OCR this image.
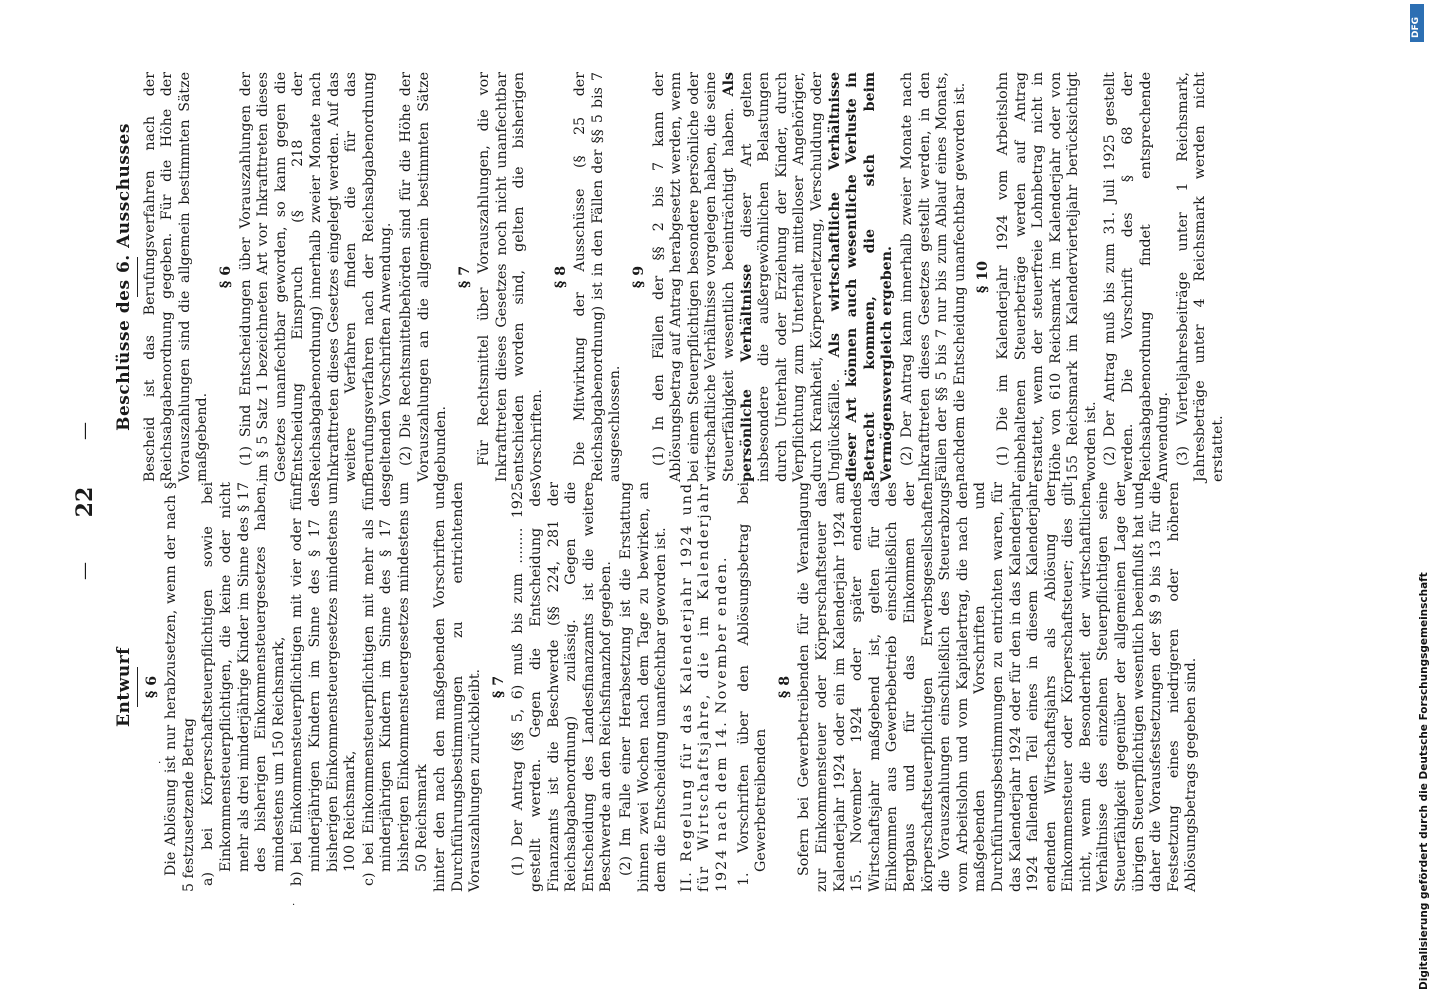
—
22
—
Entwurf § 6 Die Ablösung ist nur herabzusetzen, wenn der nach § 5 festzusetzende Betrag a) bei Körperschaftsteuerpflichtigen sowie bei Einkommensteuerpflichtigen, die keine oder nicht mehr als drei minderjährige Kinder im Sinne des § 17 des bisherigen Einkommensteuergesetzes haben, mindestens um 150 Reichsmark, b) bei Einkommensteuerpflichtigen mit vier oder fünf minderjährigen Kindern im Sinne des § 17 des bisherigen Einkommensteuergesetzes mindestens um 100 Reichsmark, c) bei Einkommensteuerpflichtigen mit mehr als fünf minderjährigen Kindern im Sinne des § 17 des bisherigen Einkommensteuergesetzes mindestens um 50 Reichsmark hinter den nach den maßgebenden Vorschriften und Durchführungsbestimmungen zu entrichtenden Vorauszahlungen zurückbleibt. § 7 (1) Der Antrag (§§ 5, 6) muß bis zum ........ 1925 gestellt werden. Gegen die Entscheidung des Finanzamts ist die Beschwerde (§§ 224, 281 der Reichsabgabenordnung) zulässig. Gegen die Entscheidung des Landesfinanzamts ist die weitere Beschwerde an den Reichsfinanzhof gegeben. (2) Im Falle einer Herabsetzung ist die Erstattung binnen zwei Wochen nach dem Tage zu bewirken, an dem die Entscheidung unanfechtbar geworden ist. II. Regelung für das Kalenderjahr 1924 und für Wirtschaftsjahre, die im Kalenderjahr 1924 nach dem 14. November enden. 1. Vorschriften über den Ablösungsbetrag bei Gewerbetreibenden

§ 8 Sofern bei Gewerbetreibenden für die Veranlagung zur Einkommensteuer oder Körperschaftsteuer das Kalenderjahr 1924 oder ein im Kalenderjahr 1924 am 15. November 1924 oder später endendes Wirtschaftsjahr maßgebend ist, gelten für das Einkommen aus Gewerbebetrieb einschließlich des Bergbaus und für das Einkommen der körperschaftsteuerpflichtigen Erwerbsgesellschaften die Vorauszahlungen einschließlich des Steuerabzugs vom Arbeitslohn und vom Kapitalertrag, die nach den maßgebenden Vorschriften und Durchführungsbestimmungen zu entrichten waren, für das Kalenderjahr 1924 oder für den in das Kalenderjahr 1924 fallenden Teil eines in diesem Kalenderjahr endenden Wirtschaftsjahrs als Ablösung der Einkommensteuer oder Körperschaftsteuer; dies gilt nicht, wenn die Besonderheit der wirtschaftlichen Verhältnisse des einzelnen Steuerpflichtigen seine Steuerfähigkeit gegenüber der allgemeinen Lage der übrigen Steuerpflichtigen wesentlich beeinflußt hat und daher die Vorausfestsetzungen der §§ 9 bis 13 für die Festsetzung eines niedrigeren oder höheren Ablösungsbetrags gegeben sind.

Beschlüsse des 6. Ausschusses Bescheid ist das Berufungsverfahren nach der Reichsabgabenordnung gegeben. Für die Höhe der Vorauszahlungen sind die allgemein bestimmten Sätze maßgebend.

§ 6 (1) Sind Entscheidungen über Vorauszahlungen der im § 5 Satz 1 bezeichneten Art vor Inkrafttreten dieses Gesetzes unanfechtbar geworden, so kann gegen die Entscheidung Einspruch (§ 218 der Reichsabgabenordnung) innerhalb zweier Monate nach Inkrafttreten dieses Gesetzes eingelegt werden. Auf das weitere Verfahren finden die für das Berufungsverfahren nach der Reichsabgabenordnung geltenden Vorschriften Anwendung. (2) Die Rechtsmittelbehörden sind für die Höhe der Vorauszahlungen an die allgemein bestimmten Sätze gebunden.

§ 7 Für Rechtsmittel über Vorauszahlungen, die vor Inkrafttreten dieses Gesetzes noch nicht unanfechtbar entschieden worden sind, gelten die bisherigen Vorschriften.

§ 8 Die Mitwirkung der Ausschüsse (§ 25 der Reichsabgabenordnung) ist in den Fällen der §§ 5 bis 7 ausgeschlossen.

§ 9 (1) In den Fällen der §§ 2 bis 7 kann der Ablösungsbetrag auf Antrag herabgesetzt werden, wenn bei einem Steuerpflichtigen besondere persönliche oder wirtschaftliche Verhältnisse vorgelegen haben, die seine Steuerfähigkeit wesentlich beeinträchtigt haben. Als persönliche Verhältnisse dieser Art gelten insbesondere die außergewöhnlichen Belastungen durch Unterhalt oder Erziehung der Kinder, durch Verpflichtung zum Unterhalt mittelloser Angehöriger, durch Krankheit, Körperverletzung, Verschuldung oder Unglücksfälle. Als wirtschaftliche Verhältnisse dieser Art können auch wesentliche Verluste in Betracht kommen, die sich beim Vermögensvergleich ergeben. (2) Der Antrag kann innerhalb zweier Monate nach Inkrafttreten dieses Gesetzes gestellt werden, in den Fällen der §§ 5 bis 7 nur bis zum Ablauf eines Monats, nachdem die Entscheidung unanfechtbar geworden ist. § 10 (1) Die im Kalenderjahr 1924 vom Arbeitslohn einbehaltenen Steuerbeträge werden auf Antrag erstattet, wenn der steuerfreie Lohnbetrag nicht in Höhe von 610 Reichsmark im Kalenderjahr oder von 155 Reichsmark im Kalendervierteljahr berücksichtigt worden ist. (2) Der Antrag muß bis zum 31. Juli 1925 gestellt werden. Die Vorschrift des § 68 der Reichsabgabenordnung findet entsprechende Anwendung. (3) Vierteljahresbeiträge unter 1 Reichsmark, Jahresbeträge unter 4 Reichsmark werden nicht erstattet.

·
·
DFG
Digitalisierung gefördert durch die Deutsche Forschungsgemeinschaft
